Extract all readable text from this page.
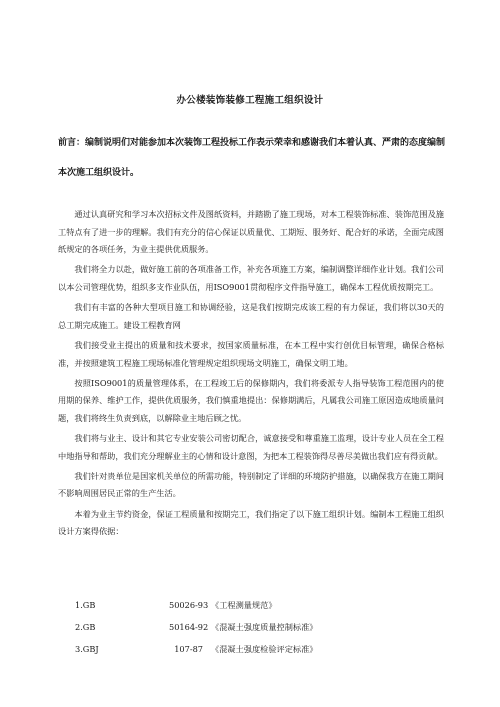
办公楼装饰装修工程施工组织设计
前言：编制说明们对能参加本次装饰工程投标工作表示荣幸和感谢我们本着认真、严肃的态度编制本次施工组织设计。

通过认真研究和学习本次招标文件及图纸资料，并踏勘了施工现场，对本工程装饰标准、装饰范围及施工特点有了进一步的理解。我们有充分的信心保证以质量优、工期短、服务好、配合好的承诺，全面完成图纸规定的各项任务，为业主提供优质服务。

我们将全力以赴，做好施工前的各项准备工作，补充各项施工方案，编制调整详细作业计划。我们公司以本公司管理优势，组织多支作业队伍，用ISO9001贯彻程序文件指导施工，确保本工程优质按期完工。

我们有丰富的各种大型项目施工和协调经验，这是我们按期完成该工程的有力保证，我们将以30天的总工期完成施工。建设工程教育网

我们接受业主提出的质量和技术要求，按国家质量标准，在本工程中实行创优目标管理，确保合格标准，并按照建筑工程施工现场标准化管理规定组织现场文明施工，确保文明工地。

按照ISO9001的质量管理体系，在工程竣工后的保修期内，我们将委派专人指导装饰工程范围内的使用期的保养、维护工作，提供优质服务，我们慎重地提出：保修期满后，凡属我公司施工原因造成地质量问题，我们将终生负责到底，以解除业主地后顾之忧。

我们将与业主、设计和其它专业安装公司密切配合，诚意接受和尊重施工监理，设计专业人员在全工程中地指导和帮助，我们充分理解业主的心情和设计意图，为把本工程装饰得尽善尽美做出我们应有得贡献。

我们针对贵单位是国家机关单位的所需功能，特别制定了详细的环境防护措施，以确保我方在施工期间不影响周围居民正常的生产生活。

本着为业主节约资金，保证工程质量和按期完工，我们指定了以下施工组织计划。编制本工程施工组织设计方案得依据：

1.GB	50026-93 《工程测量规范》
2.GB	50164-92 《混凝土强度质量控制标准》
3.GBJ	107-87 《混凝土强度检验评定标准》
